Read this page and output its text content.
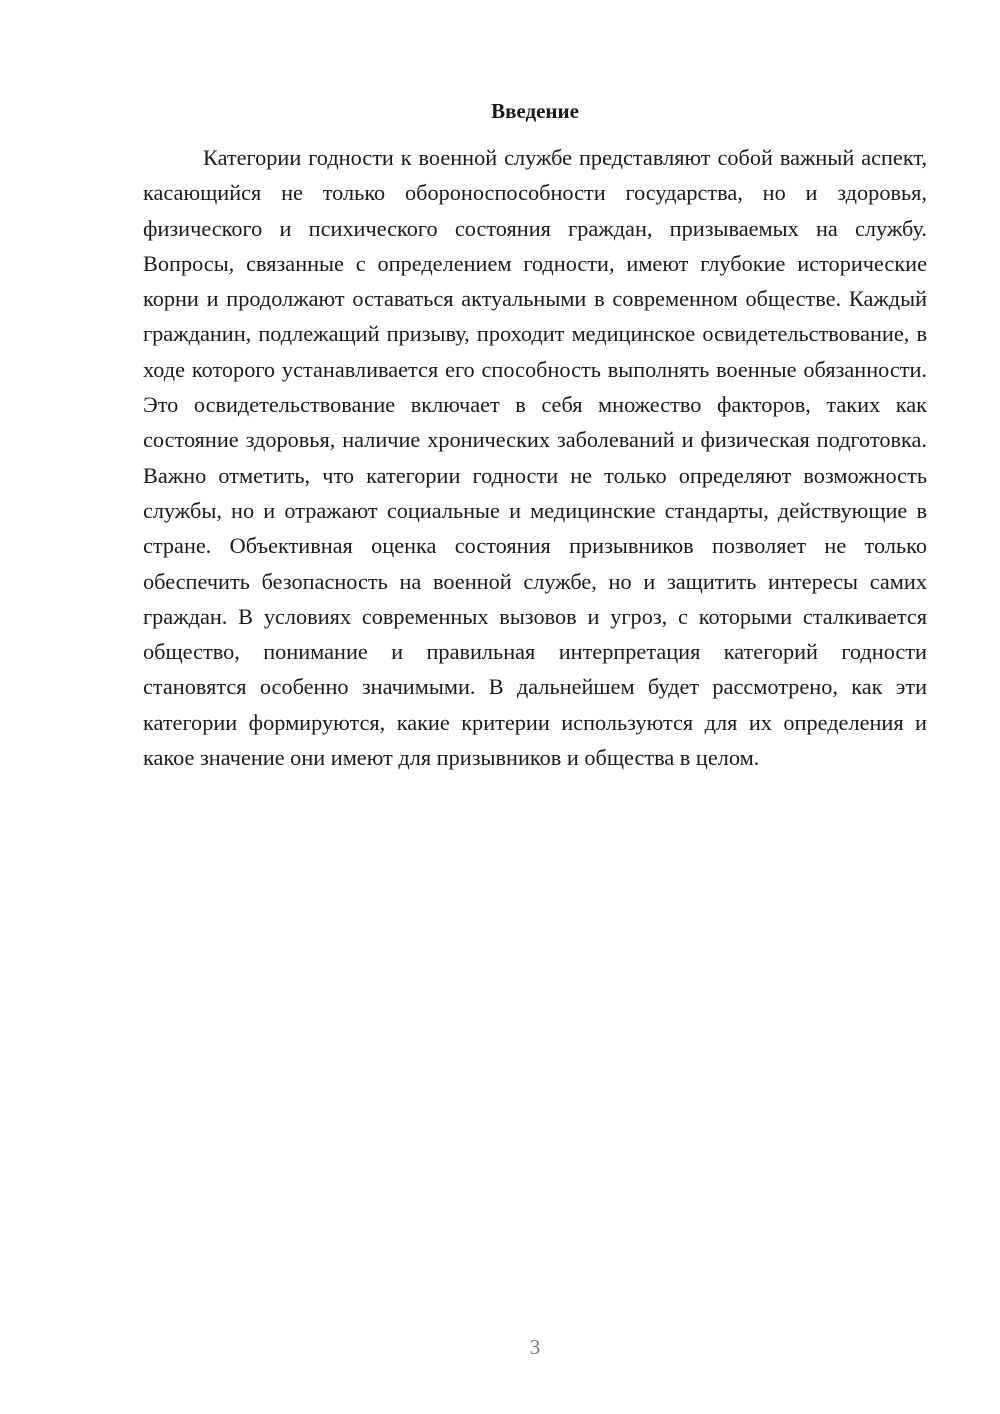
Введение

Категории годности к военной службе представляют собой важный аспект, касающийся не только обороноспособности государства, но и здоровья, физического и психического состояния граждан, призываемых на службу. Вопросы, связанные с определением годности, имеют глубокие исторические корни и продолжают оставаться актуальными в современном обществе. Каждый гражданин, подлежащий призыву, проходит медицинское освидетельствование, в ходе которого устанавливается его способность выполнять военные обязанности. Это освидетельствование включает в себя множество факторов, таких как состояние здоровья, наличие хронических заболеваний и физическая подготовка. Важно отметить, что категории годности не только определяют возможность службы, но и отражают социальные и медицинские стандарты, действующие в стране. Объективная оценка состояния призывников позволяет не только обеспечить безопасность на военной службе, но и защитить интересы самих граждан. В условиях современных вызовов и угроз, с которыми сталкивается общество, понимание и правильная интерпретация категорий годности становятся особенно значимыми. В дальнейшем будет рассмотрено, как эти категории формируются, какие критерии используются для их определения и какое значение они имеют для призывников и общества в целом.

3
